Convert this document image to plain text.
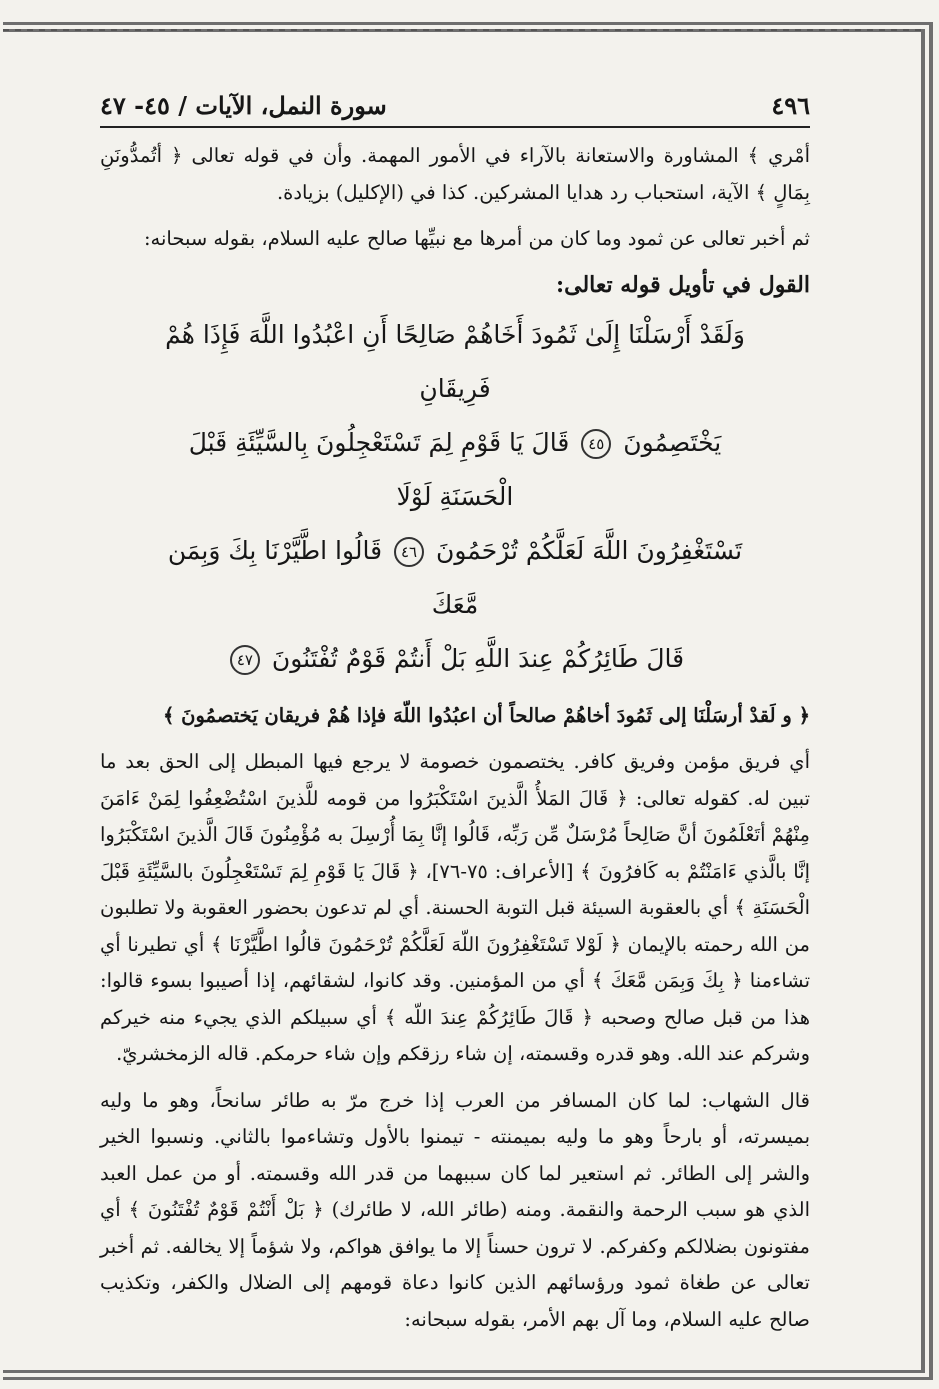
٤٩٦
سورة النمل، الآيات / ٤٥- ٤٧

أمْري ﴾ المشاورة والاستعانة بالآراء في الأمور المهمة. وأن في قوله تعالى ﴿ أتُمدُّونَنِ بِمَالٍ ﴾ الآية، استحباب رد هدايا المشركين. كذا في (الإكليل) بزيادة.

ثم أخبر تعالى عن ثمود وما كان من أمرها مع نبيِّها صالح عليه السلام، بقوله سبحانه:

القول في تأويل قوله تعالى:
وَلَقَدْ أَرْسَلْنَا إِلَىٰ ثَمُودَ أَخَاهُمْ صَالِحًا أَنِ اعْبُدُوا اللَّهَ فَإِذَا هُمْ فَرِيقَانِ
يَخْتَصِمُونَ ٤٥ قَالَ يَا قَوْمِ لِمَ تَسْتَعْجِلُونَ بِالسَّيِّئَةِ قَبْلَ الْحَسَنَةِ لَوْلَا
تَسْتَغْفِرُونَ اللَّهَ لَعَلَّكُمْ تُرْحَمُونَ ٤٦ قَالُوا اطَّيَّرْنَا بِكَ وَبِمَن مَّعَكَ
قَالَ طَائِرُكُمْ عِندَ اللَّهِ بَلْ أَنتُمْ قَوْمٌ تُفْتَنُونَ ٤٧

﴿ و لَقدْ أرسَلْنَا إلى ثَمُودَ أخاهُمْ صالحاً أن اعبُدُوا اللّهَ فإذا هُمْ فريقان يَختصمُونَ ﴾

أي فريق مؤمن وفريق كافر. يختصمون خصومة لا يرجع فيها المبطل إلى الحق بعد ما تبين له. كقوله تعالى: ﴿ قَالَ المَلأُ الَّذينَ اسْتَكْبَرُوا من قومه للَّذينَ اسْتُضْعِفُوا لِمَنْ ءَامَنَ مِنْهُمْ أتَعْلَمُونَ أنَّ صَالِحاً مُرْسَلٌ مِّن رَبِّه، قَالُوا إنَّا بِمَا أُرْسِلَ به مُؤْمِنُونَ قَالَ الَّذينَ اسْتَكْبَرُوا إنَّا بالَّذي ءَامَنْتُمْ به كَافرُونَ ﴾ [الأعراف: ٧٥-٧٦]، ﴿ قَالَ يَا قَوْمِ لِمَ تَسْتَعْجِلُونَ بالسَّيِّئَةِ قَبْلَ الْحَسَنَةِ ﴾ أي بالعقوبة السيئة قبل التوبة الحسنة. أي لم تدعون بحضور العقوبة ولا تطلبون من الله رحمته بالإيمان ﴿ لَوْلا تَسْتَغْفِرُونَ اللّهَ لَعَلَّكُمْ تُرْحَمُونَ قالُوا اطَّيَّرْنَا ﴾ أي تطيرنا أي تشاءمنا ﴿ بِكَ وَبِمَن مَّعَكَ ﴾ أي من المؤمنين. وقد كانوا، لشقائهم، إذا أصيبوا بسوء قالوا: هذا من قبل صالح وصحبه ﴿ قَالَ طَائِرُكُمْ عِندَ اللّه ﴾ أي سبيلكم الذي يجيء منه خيركم وشركم عند الله. وهو قدره وقسمته، إن شاء رزقكم وإن شاء حرمكم. قاله الزمخشريّ.

قال الشهاب: لما كان المسافر من العرب إذا خرج مرّ به طائر سانحاً، وهو ما وليه بميسرته، أو بارحاً وهو ما وليه بميمنته - تيمنوا بالأول وتشاءموا بالثاني. ونسبوا الخير والشر إلى الطائر. ثم استعير لما كان سببهما من قدر الله وقسمته. أو من عمل العبد الذي هو سبب الرحمة والنقمة. ومنه (طائر الله، لا طائرك) ﴿ بَلْ أَنْتُمْ قَوْمٌ تُفْتَنُونَ ﴾ أي مفتونون بضلالكم وكفركم. لا ترون حسناً إلا ما يوافق هواكم، ولا شؤماً إلا يخالفه. ثم أخبر تعالى عن طغاة ثمود ورؤسائهم الذين كانوا دعاة قومهم إلى الضلال والكفر، وتكذيب صالح عليه السلام، وما آل بهم الأمر، بقوله سبحانه:
